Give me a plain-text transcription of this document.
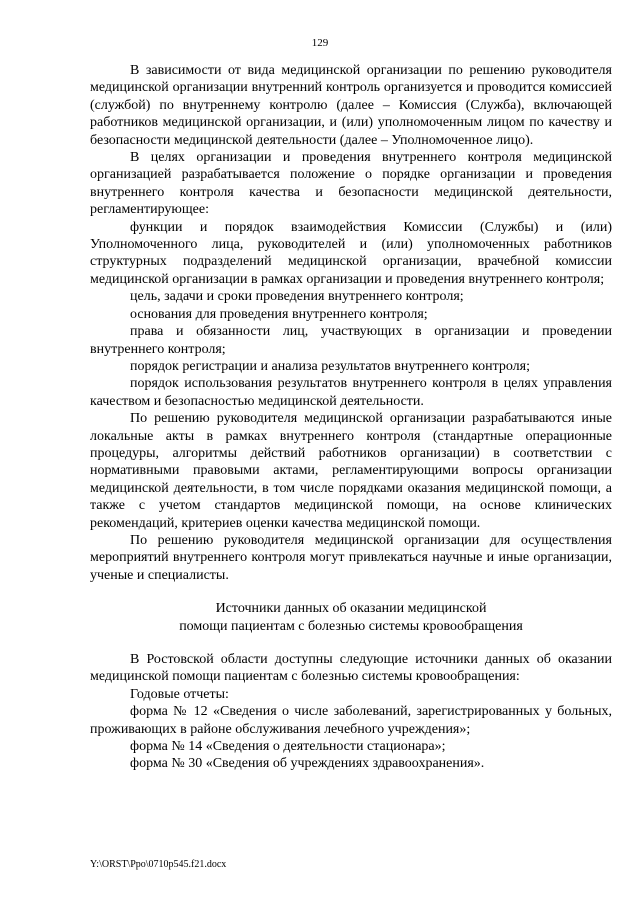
129

В зависимости от вида медицинской организации по решению руководителя медицинской организации внутренний контроль организуется и проводится комиссией (службой) по внутреннему контролю (далее – Комиссия (Служба), включающей работников медицинской организации, и (или) уполномоченным лицом по качеству и безопасности медицинской деятельности (далее – Уполномоченное лицо).

В целях организации и проведения внутреннего контроля медицинской организацией разрабатывается положение о порядке организации и проведения внутреннего контроля качества и безопасности медицинской деятельности, регламентирующее:

функции и порядок взаимодействия Комиссии (Службы) и (или) Уполномоченного лица, руководителей и (или) уполномоченных работников структурных подразделений медицинской организации, врачебной комиссии медицинской организации в рамках организации и проведения внутреннего контроля;

цель, задачи и сроки проведения внутреннего контроля;

основания для проведения внутреннего контроля;

права и обязанности лиц, участвующих в организации и проведении внутреннего контроля;

порядок регистрации и анализа результатов внутреннего контроля;

порядок использования результатов внутреннего контроля в целях управления качеством и безопасностью медицинской деятельности.

По решению руководителя медицинской организации разрабатываются иные локальные акты в рамках внутреннего контроля (стандартные операционные процедуры, алгоритмы действий работников организации) в соответствии с нормативными правовыми актами, регламентирующими вопросы организации медицинской деятельности, в том числе порядками оказания медицинской помощи, а также с учетом стандартов медицинской помощи, на основе клинических рекомендаций, критериев оценки качества медицинской помощи.

По решению руководителя медицинской организации для осуществления мероприятий внутреннего контроля могут привлекаться научные и иные организации, ученые и специалисты.

Источники данных об оказании медицинской
помощи пациентам с болезнью системы кровообращения

В Ростовской области доступны следующие источники данных об оказании медицинской помощи пациентам с болезнью системы кровообращения:

Годовые отчеты:

форма № 12 «Сведения о числе заболеваний, зарегистрированных у больных, проживающих в районе обслуживания лечебного учреждения»;

форма № 14 «Сведения о деятельности стационара»;

форма № 30 «Сведения об учреждениях здравоохранения».

Y:\ORST\Ppo\0710p545.f21.docx
